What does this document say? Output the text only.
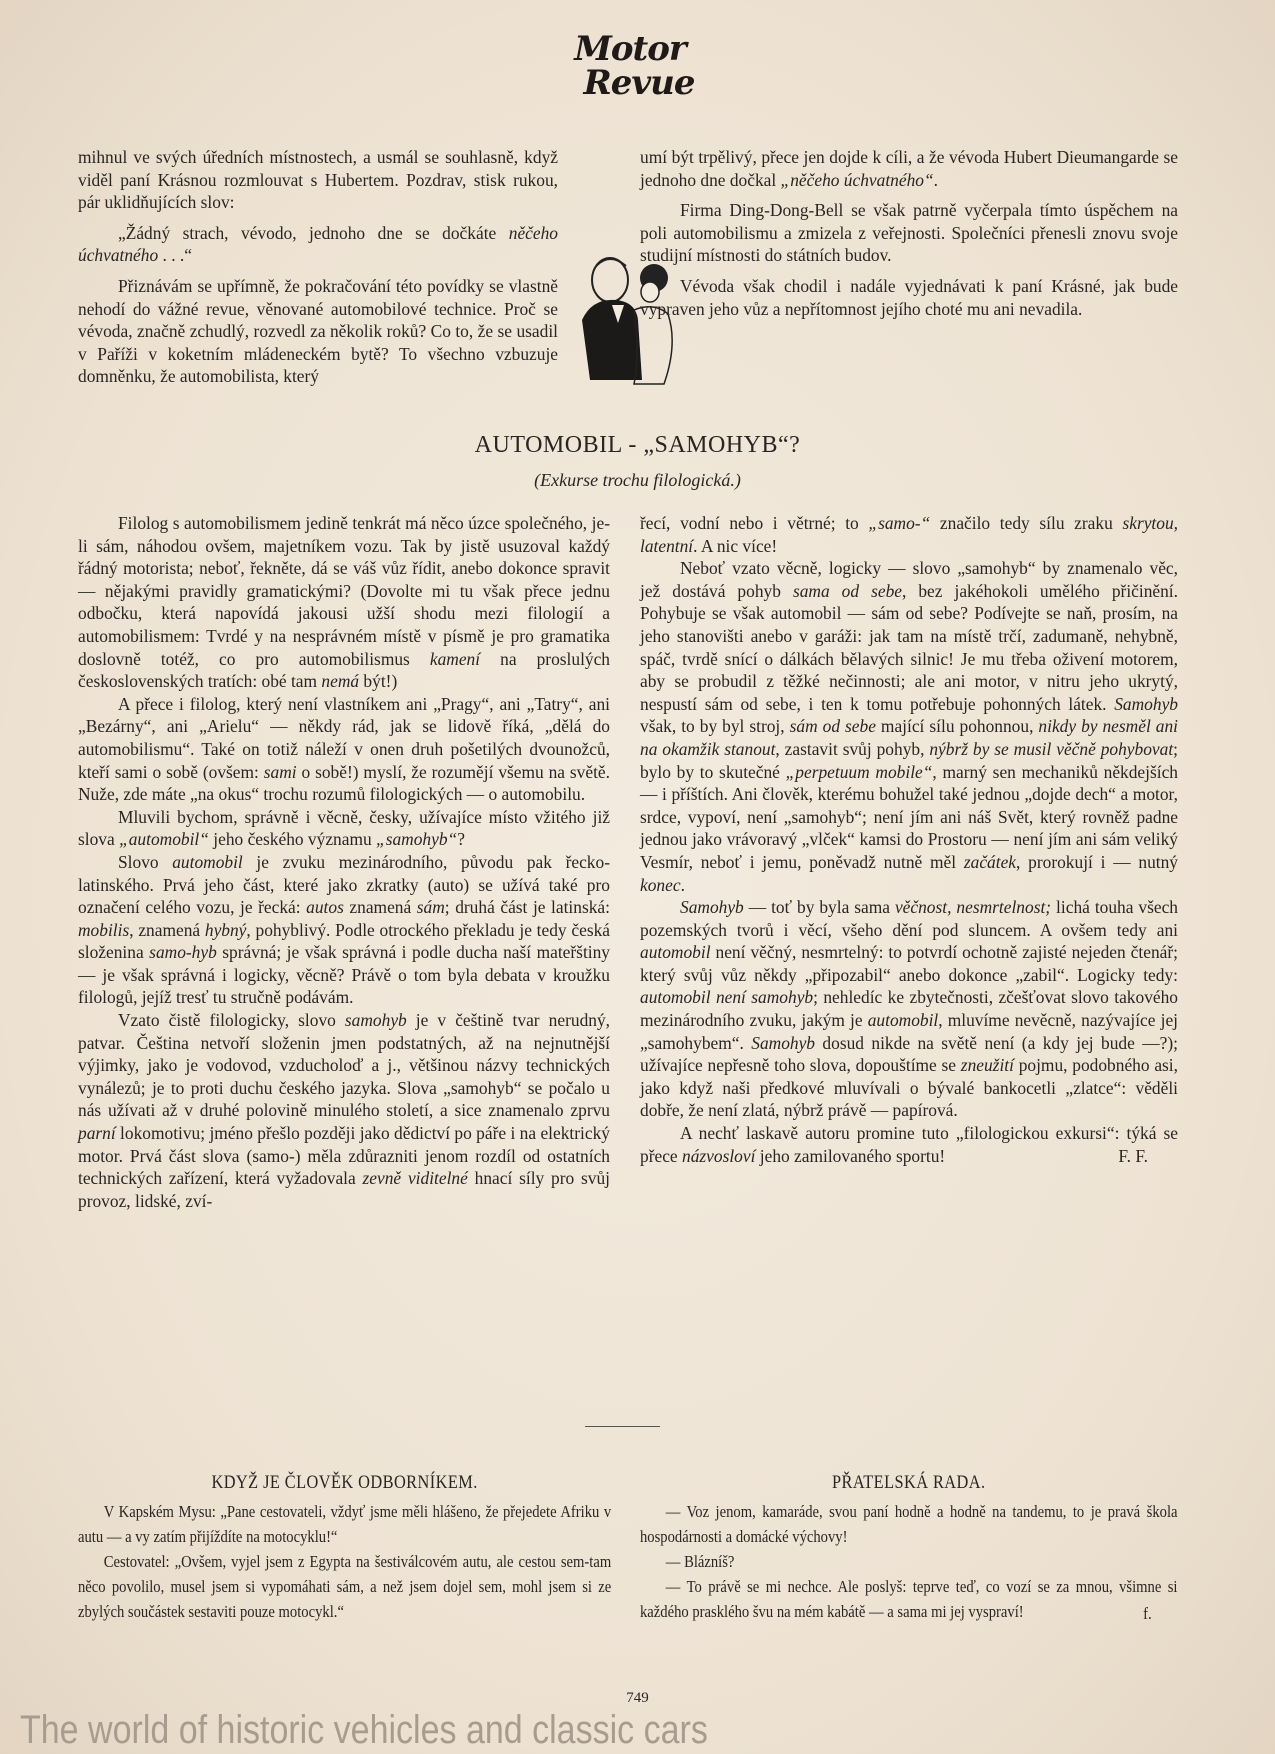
Motor
Revue

mihnul ve svých úředních místnostech, a usmál se souhlasně, když viděl paní Krásnou rozmlouvat s Hubertem. Pozdrav, stisk rukou, pár uklidňujících slov:

„Žádný strach, vévodo, jednoho dne se dočkáte něčeho úchvatného . . .“

Přiznávám se upřímně, že pokračování této povídky se vlastně nehodí do vážné revue, věnované automobilové technice. Proč se vévoda, značně zchudlý, rozvedl za několik roků? Co to, že se usadil v Paříži v koketním mládeneckém bytě? To všechno vzbuzuje domněnku, že automobilista, který

umí být trpělivý, přece jen dojde k cíli, a že vévoda Hubert Dieumangarde se jednoho dne dočkal „něčeho úchvatného“.

Firma Ding-Dong-Bell se však patrně vyčerpala tímto úspěchem na poli automobilismu a zmizela z veřejnosti. Společníci přenesli znovu svoje studijní místnosti do státních budov.

Vévoda však chodil i nadále vyjednávati k paní Krásné, jak bude vypraven jeho vůz a nepřítomnost jejího choté mu ani nevadila.

AUTOMOBIL - „SAMOHYB“?
(Exkurse trochu filologická.)

Filolog s automobilismem jedině tenkrát má něco úzce společného, je-li sám, náhodou ovšem, majetníkem vozu. Tak by jistě usuzoval každý řádný motorista; neboť, řekněte, dá se váš vůz řídit, anebo dokonce spravit — nějakými pravidly gramatickými? (Dovolte mi tu však přece jednu odbočku, která napovídá jakousi užší shodu mezi filologií a automobilismem: Tvrdé y na nesprávném místě v písmě je pro gramatika doslovně totéž, co pro automobilismus kamení na proslulých československých tratích: obé tam nemá být!)

A přece i filolog, který není vlastníkem ani „Pragy“, ani „Tatry“, ani „Bezárny“, ani „Arielu“ — někdy rád, jak se lidově říká, „dělá do automobilismu“. Také on totiž náleží v onen druh pošetilých dvounožců, kteří sami o sobě (ovšem: sami o sobě!) myslí, že rozumějí všemu na světě. Nuže, zde máte „na okus“ trochu rozumů filologických — o automobilu.

Mluvili bychom, správně i věcně, česky, užívajíce místo vžitého již slova „automobil“ jeho českého významu „samohyb“?

Slovo automobil je zvuku mezinárodního, původu pak řecko-latinského. Prvá jeho část, které jako zkratky (auto) se užívá také pro označení celého vozu, je řecká: autos znamená sám; druhá část je latinská: mobilis, znamená hybný, pohyblivý. Podle otrockého překladu je tedy česká složenina samo-hyb správná; je však správná i podle ducha naší mateřštiny — je však správná i logicky, věcně? Právě o tom byla debata v kroužku filologů, jejíž tresť tu stručně podávám.

Vzato čistě filologicky, slovo samohyb je v češtině tvar nerudný, patvar. Čeština netvoří složenin jmen podstatných, až na nejnutnější výjimky, jako je vodovod, vzducholoď a j., většinou názvy technických vynálezů; je to proti duchu českého jazyka. Slova „samohyb“ se počalo u nás užívati až v druhé polovině minulého století, a sice znamenalo zprvu parní lokomotivu; jméno přešlo později jako dědictví po páře i na elektrický motor. Prvá část slova (samo-) měla zdůrazniti jenom rozdíl od ostatních technických zařízení, která vyžadovala zevně viditelné hnací síly pro svůj provoz, lidské, zví-

řecí, vodní nebo i větrné; to „samo-“ značilo tedy sílu zraku skrytou, latentní. A nic více!

Neboť vzato věcně, logicky — slovo „samohyb“ by znamenalo věc, jež dostává pohyb sama od sebe, bez jakéhokoli umělého přičinění. Pohybuje se však automobil — sám od sebe? Podívejte se naň, prosím, na jeho stanovišti anebo v garáži: jak tam na místě trčí, zadumaně, nehybně, spáč, tvrdě snící o dálkách bělavých silnic! Je mu třeba oživení motorem, aby se probudil z těžké nečinnosti; ale ani motor, v nitru jeho ukrytý, nespustí sám od sebe, i ten k tomu potřebuje pohonných látek. Samohyb však, to by byl stroj, sám od sebe mající sílu pohonnou, nikdy by nesměl ani na okamžik stanout, zastavit svůj pohyb, nýbrž by se musil věčně pohybovat; bylo by to skutečné „perpetuum mobile“, marný sen mechaniků někdejších — i příštích. Ani člověk, kterému bohužel také jednou „dojde dech“ a motor, srdce, vypoví, není „samohyb“; není jím ani náš Svět, který rovněž padne jednou jako vrávoravý „vlček“ kamsi do Prostoru — není jím ani sám veliký Vesmír, neboť i jemu, poněvadž nutně měl začátek, prorokují i — nutný konec.

Samohyb — toť by byla sama věčnost, nesmrtelnost; lichá touha všech pozemských tvorů i věcí, všeho dění pod sluncem. A ovšem tedy ani automobil není věčný, nesmrtelný: to potvrdí ochotně zajisté nejeden čtenář; který svůj vůz někdy „připozabil“ anebo dokonce „zabil“. Logicky tedy: automobil není samohyb; nehledíc ke zbytečnosti, zčešťovat slovo takového mezinárodního zvuku, jakým je automobil, mluvíme nevěcně, nazývajíce jej „samohybem“. Samohyb dosud nikde na světě není (a kdy jej bude —?); užívajíce nepřesně toho slova, dopouštíme se zneužití pojmu, podobného asi, jako když naši předkové mluvívali o bývalé bankocetli „zlatce“: věděli dobře, že není zlatá, nýbrž právě — papírová.

A nechť laskavě autoru promine tuto „filologickou exkursi“: týká se přece názvosloví jeho zamilovaného sportu!	F. F.
KDYŽ JE ČLOVĚK ODBORNÍKEM.

V Kapském Mysu: „Pane cestovateli, vždyť jsme měli hlášeno, že přejedete Afriku v autu — a vy zatím přijíždíte na motocyklu!“

Cestovatel: „Ovšem, vyjel jsem z Egypta na šestiválcovém autu, ale cestou sem-tam něco povolilo, musel jsem si vypomáhati sám, a než jsem dojel sem, mohl jsem si ze zbylých součástek sestaviti pouze motocykl.“

PŘATELSKÁ RADA.

— Voz jenom, kamaráde, svou paní hodně a hodně na tandemu, to je pravá škola hospodárnosti a domácké výchovy!

— Blázníš?

— To právě se mi nechce. Ale poslyš: teprve teď, co vozí se za mnou, všimne si každého prasklého švu na mém kabátě — a sama mi jej vyspraví!	f.
749
The world of historic vehicles and classic cars
